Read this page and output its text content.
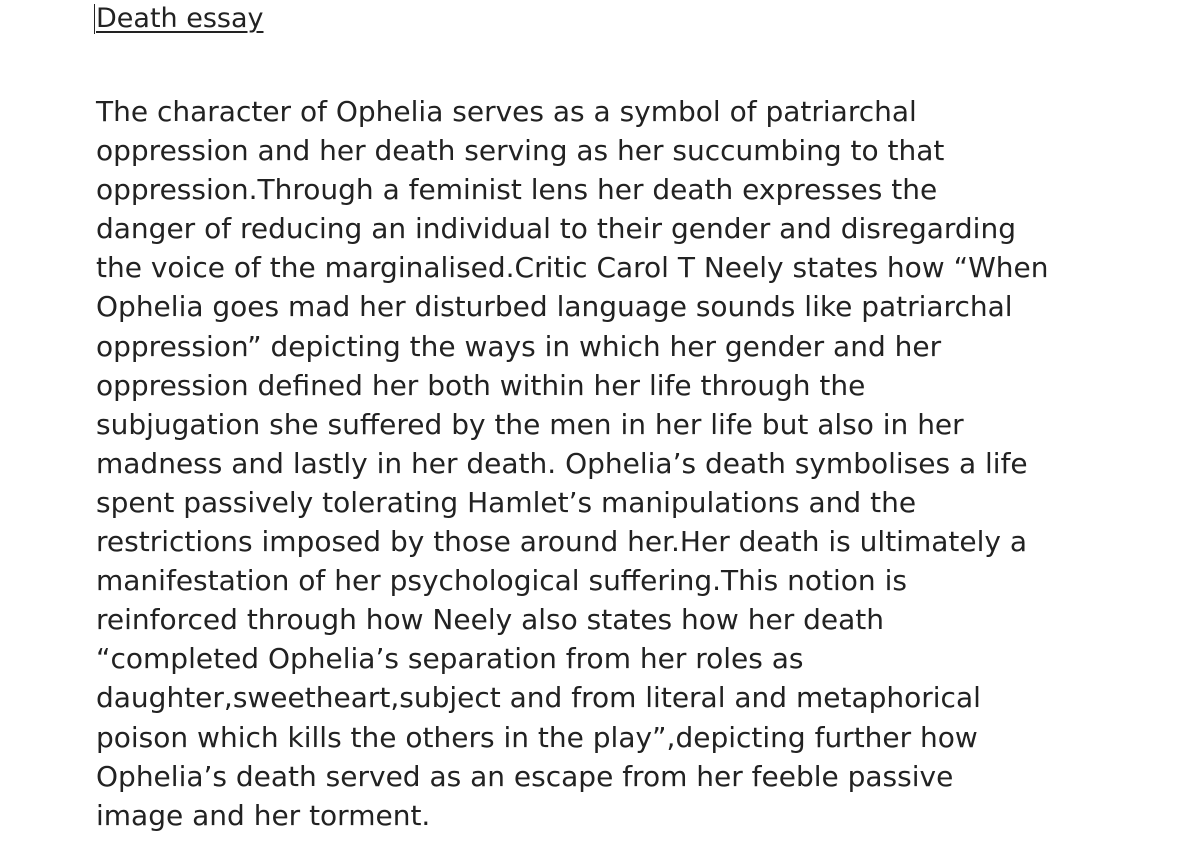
Death essay
The character of Ophelia serves as a symbol of patriarchal
oppression and her death serving as her succumbing to that
oppression.Through a feminist lens her death expresses the
danger of reducing an individual to their gender and disregarding
the voice of the marginalised.Critic Carol T Neely states how “When
Ophelia goes mad her disturbed language sounds like patriarchal
oppression” depicting the ways in which her gender and her
oppression defined her both within her life through the
subjugation she suffered by the men in her life but also in her
madness and lastly in her death. Ophelia’s death symbolises a life
spent passively tolerating Hamlet’s manipulations and the
restrictions imposed by those around her.Her death is ultimately a
manifestation of her psychological suffering.This notion is
reinforced through how Neely also states how her death
“completed Ophelia’s separation from her roles as
daughter,sweetheart,subject and from literal and metaphorical
poison which kills the others in the play”,depicting further how
Ophelia’s death served as an escape from her feeble passive
image and her torment.
